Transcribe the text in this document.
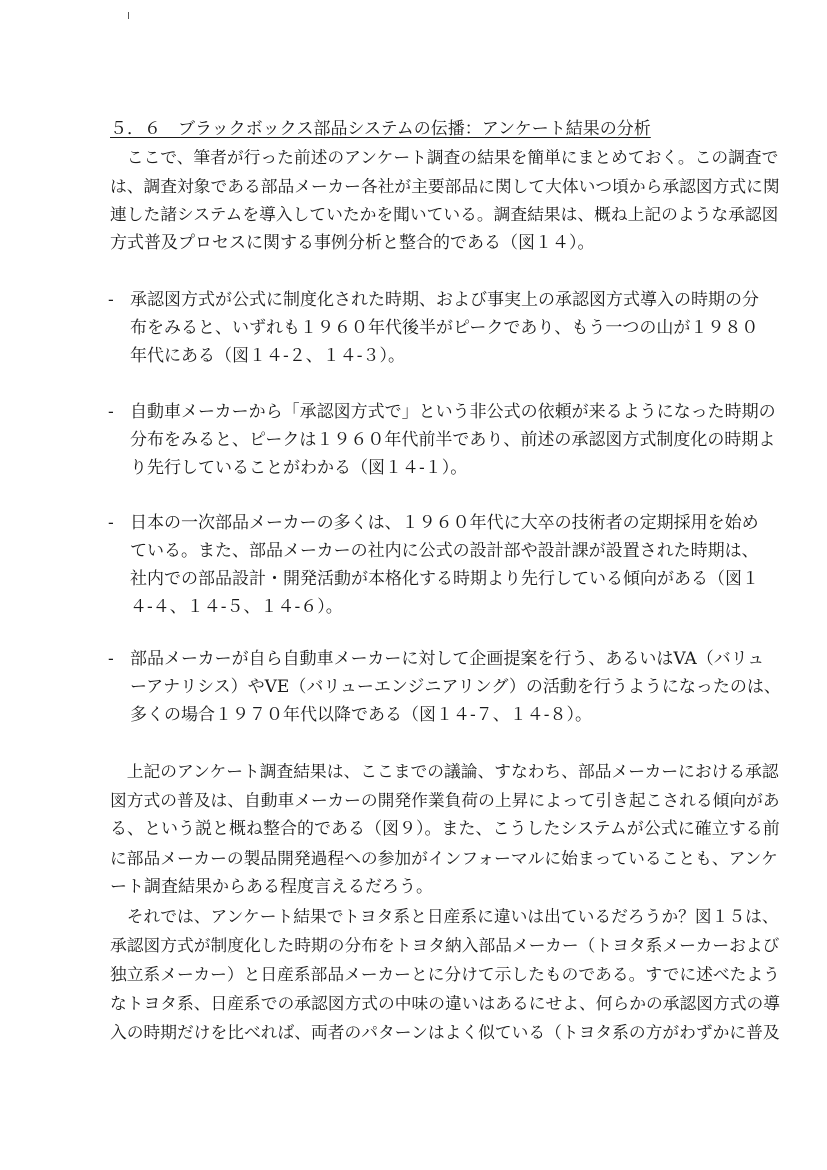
５．６　ブラックボックス部品システムの伝播：アンケート結果の分析
　ここで、筆者が行った前述のアンケート調査の結果を簡単にまとめておく。この調査で
は、調査対象である部品メーカー各社が主要部品に関して大体いつ頃から承認図方式に関
連した諸システムを導入していたかを聞いている。調査結果は、概ね上記のような承認図
方式普及プロセスに関する事例分析と整合的である（図１４）。
- 承認図方式が公式に制度化された時期、および事実上の承認図方式導入の時期の分
布をみると、いずれも１９６０年代後半がピークであり、もう一つの山が１９８０
年代にある（図１４-２、１４-３）。
- 自動車メーカーから「承認図方式で」という非公式の依頼が来るようになった時期の
分布をみると、ピークは１９６０年代前半であり、前述の承認図方式制度化の時期よ
り先行していることがわかる（図１４-１）。
- 日本の一次部品メーカーの多くは、１９６０年代に大卒の技術者の定期採用を始め
ている。また、部品メーカーの社内に公式の設計部や設計課が設置された時期は、
社内での部品設計・開発活動が本格化する時期より先行している傾向がある（図１
４-４、１４-５、１４-６）。
- 部品メーカーが自ら自動車メーカーに対して企画提案を行う、あるいはVA（バリュ
ーアナリシス）やVE（バリューエンジニアリング）の活動を行うようになったのは、
多くの場合１９７０年代以降である（図１４-７、１４-８）。
　上記のアンケート調査結果は、ここまでの議論、すなわち、部品メーカーにおける承認
図方式の普及は、自動車メーカーの開発作業負荷の上昇によって引き起こされる傾向があ
る、という説と概ね整合的である（図９）。また、こうしたシステムが公式に確立する前
に部品メーカーの製品開発過程への参加がインフォーマルに始まっていることも、アンケ
ート調査結果からある程度言えるだろう。
　それでは、アンケート結果でトヨタ系と日産系に違いは出ているだろうか？図１５は、
承認図方式が制度化した時期の分布をトヨタ納入部品メーカー（トヨタ系メーカーおよび
独立系メーカー）と日産系部品メーカーとに分けて示したものである。すでに述べたよう
なトヨタ系、日産系での承認図方式の中味の違いはあるにせよ、何らかの承認図方式の導
入の時期だけを比べれば、両者のパターンはよく似ている（トヨタ系の方がわずかに普及
